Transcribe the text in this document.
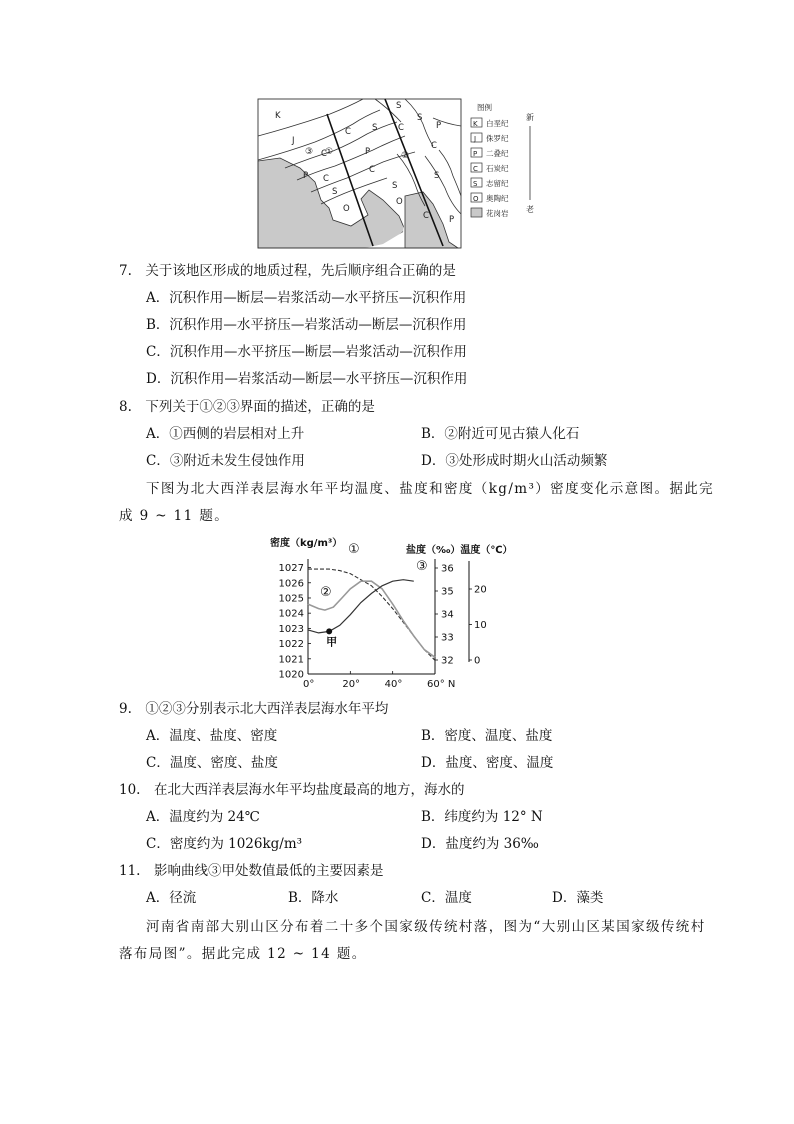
K
J
C
P C
S
O
C S
P
C
S
O
S
C
S
P
C
S
C P
③ ①	②
图例
K 白垩纪
J 侏罗纪
P 二叠纪
C 石炭纪
S 志留纪
O 奥陶纪
花岗岩
新
老
7.　关于该地区形成的地质过程，先后顺序组合正确的是
A．沉积作用—断层—岩浆活动—水平挤压—沉积作用
B．沉积作用—水平挤压—岩浆活动—断层—沉积作用
C．沉积作用—水平挤压—断层—岩浆活动—沉积作用
D．沉积作用—岩浆活动—断层—水平挤压—沉积作用
8.　下列关于①②③界面的描述，正确的是
A．①西侧的岩层相对上升	B．②附近可见古猿人化石
C．③附近未发生侵蚀作用	D．③处形成时期火山活动频繁
下图为北大西洋表层海水年平均温度、盐度和密度（kg/m³）密度变化示意图。据此完
成 9 ~ 11 题。
密度（kg/m³）
盐度（‰）温度（℃）
1027
1026
1025
1024
1023
1022
1021
1020
0°	20° 40° 60° N
36
35
34
33
32
20
10
0
①
②
③
甲
9.　①②③分别表示北大西洋表层海水年平均
A．温度、盐度、密度	B．密度、温度、盐度
C．温度、密度、盐度	D．盐度、密度、温度
10.　在北大西洋表层海水年平均盐度最高的地方，海水的
A．温度约为 24℃	B．纬度约为 12° N
C．密度约为 1026kg/m³	D．盐度约为 36‰
11.　影响曲线③甲处数值最低的主要因素是
A．径流	B．降水	C．温度	D．藻类
河南省南部大别山区分布着二十多个国家级传统村落，图为“大别山区某国家级传统村
落布局图”。据此完成 12 ~ 14 题。
